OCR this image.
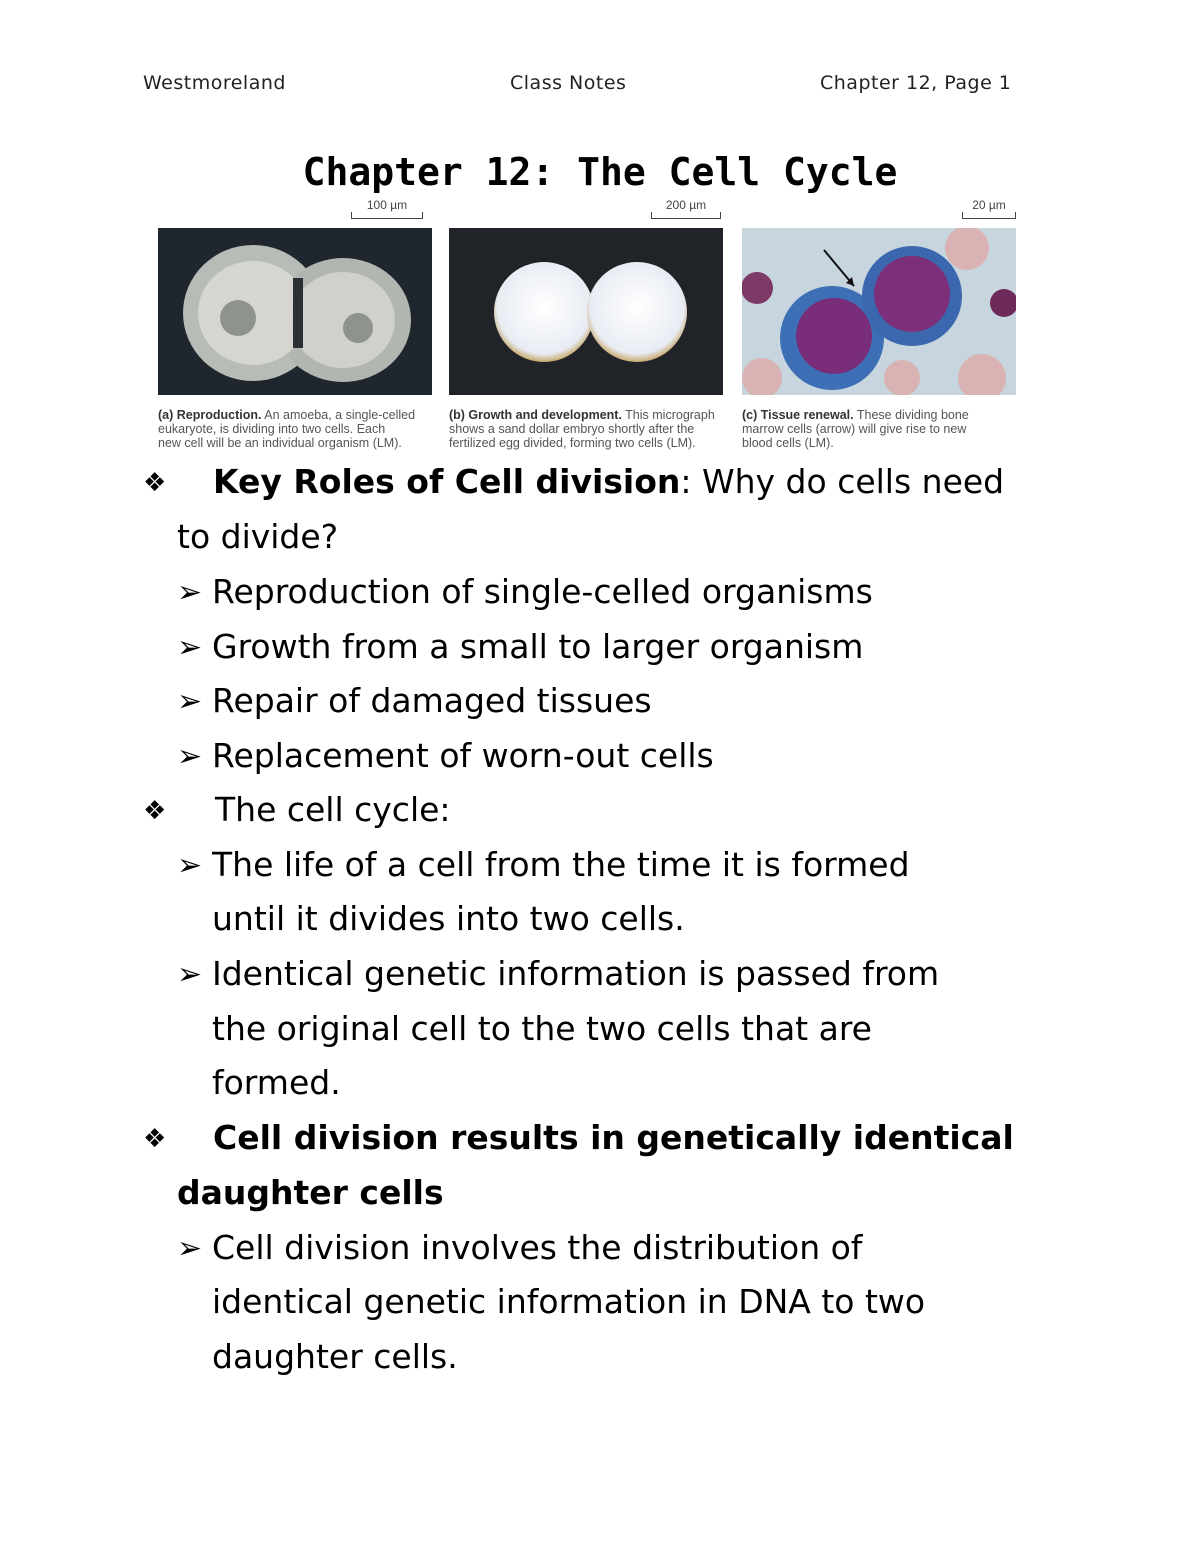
Westmoreland	Class Notes	Chapter 12, Page 1
Chapter 12: The Cell Cycle
100 µm
(a) Reproduction. An amoeba, a single-celled
eukaryote, is dividing into two cells. Each
new cell will be an individual organism (LM).
200 µm
(b) Growth and development. This micrograph
shows a sand dollar embryo shortly after the
fertilized egg divided, forming two cells (LM).
20 µm
(c) Tissue renewal. These dividing bone
marrow cells (arrow) will give rise to new
blood cells (LM).
❖ Key Roles of Cell division: Why do cells need
to divide?
➢ Reproduction of single-celled organisms
➢ Growth from a small to larger organism
➢ Repair of damaged tissues
➢ Replacement of worn-out cells
❖ The cell cycle:
➢ The life of a cell from the time it is formed
until it divides into two cells.
➢ Identical genetic information is passed from
the original cell to the two cells that are
formed.
❖ Cell division results in genetically identical
daughter cells
➢ Cell division involves the distribution of
identical genetic information in DNA to two
daughter cells.
